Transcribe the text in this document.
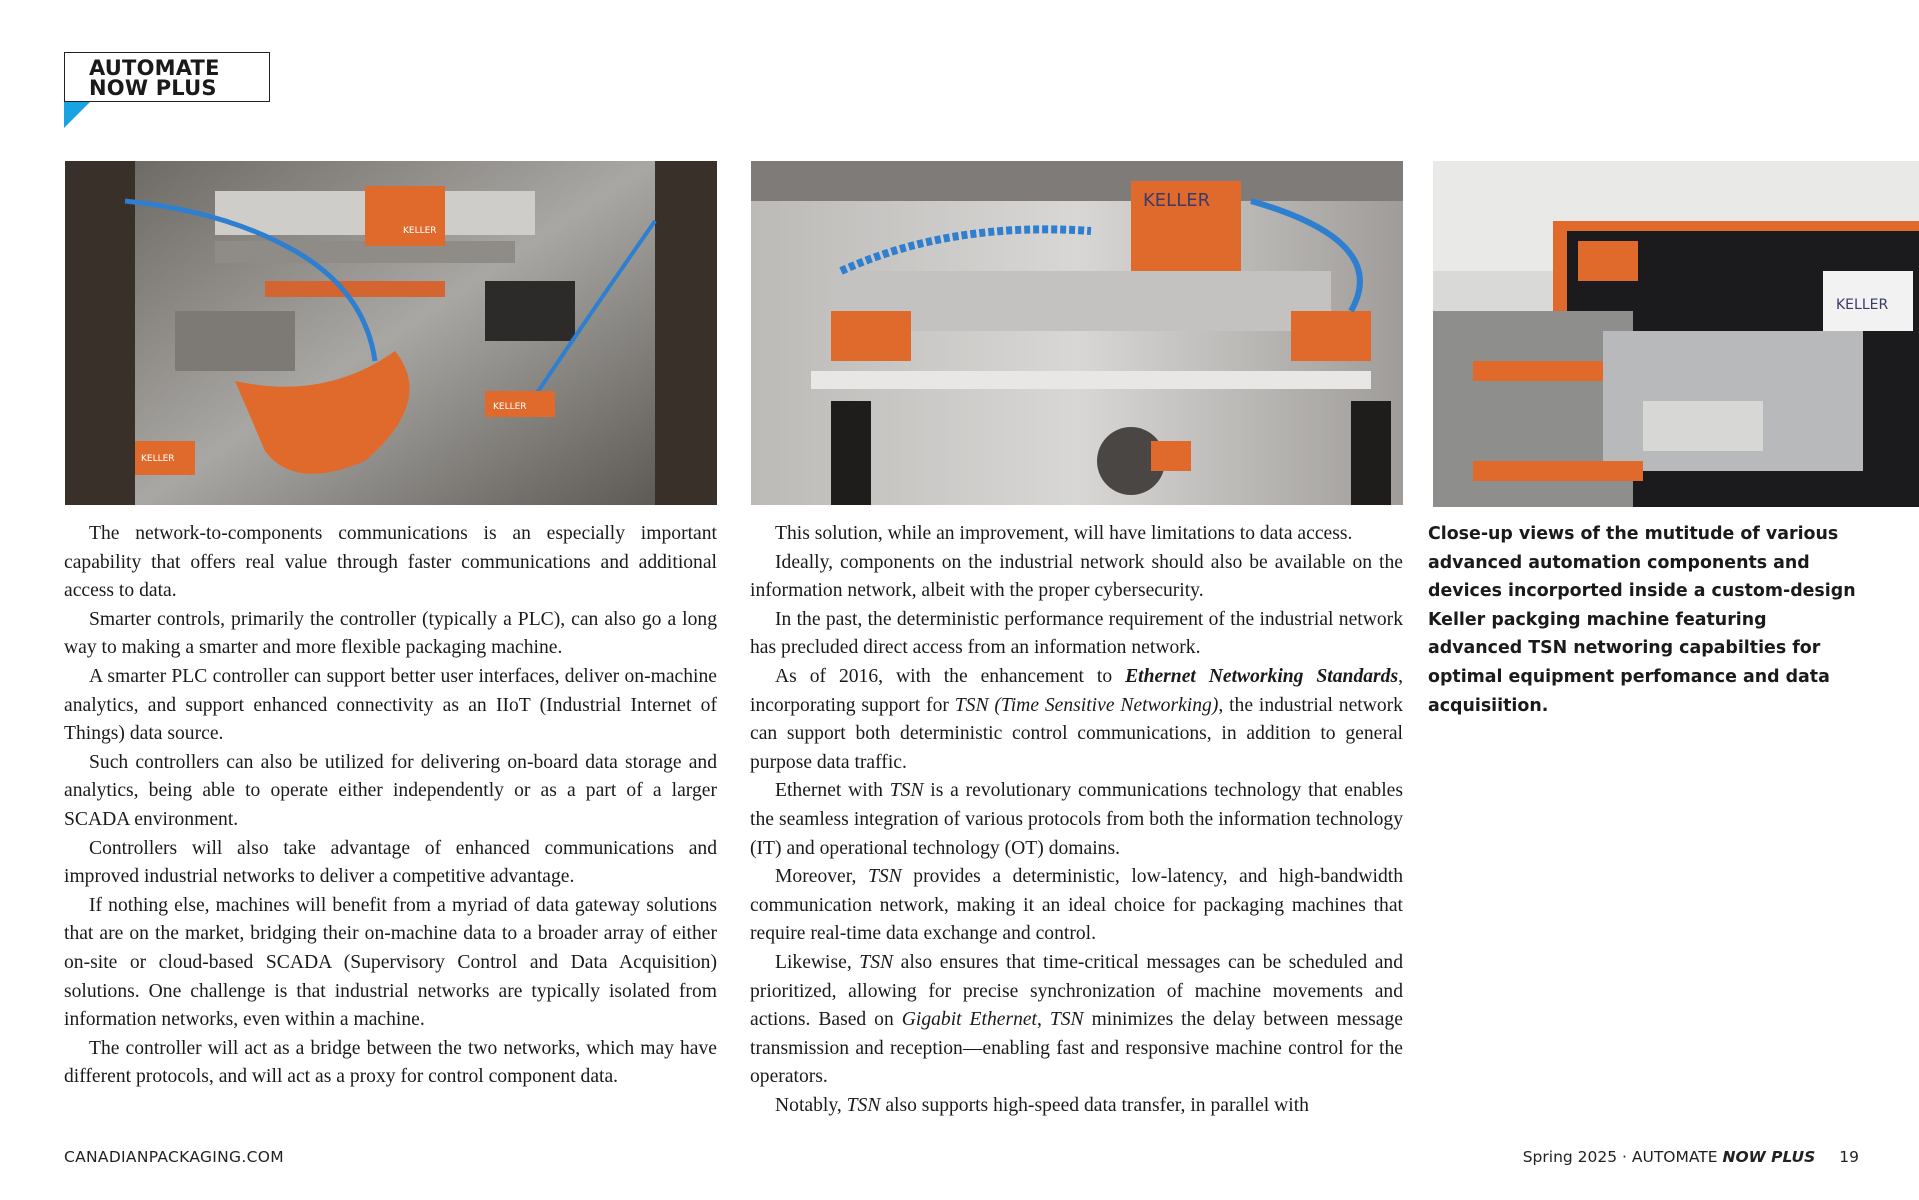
AUTOMATE
NOW PLUS
KELLER
KELLER
KELLER
KELLER
KELLER

The network-to-components communications is an especially important capability that offers real value through faster communications and additional access to data.

Smarter controls, primarily the controller (typically a PLC), can also go a long way to making a smarter and more flexible packaging machine.

A smarter PLC controller can support better user interfaces, deliver on-machine analytics, and support enhanced connectivity as an IIoT (Industrial Internet of Things) data source.

Such controllers can also be utilized for delivering on-board data storage and analytics, being able to operate either independently or as a part of a larger SCADA environment.

Controllers will also take advantage of enhanced communications and improved industrial networks to deliver a competitive advantage.

If nothing else, machines will benefit from a myriad of data gateway solutions that are on the market, bridging their on-machine data to a broader array of either on-site or cloud-based SCADA (Supervisory Control and Data Acquisition) solutions. One challenge is that industrial networks are typically isolated from information networks, even within a machine.

The controller will act as a bridge between the two networks, which may have different protocols, and will act as a proxy for control component data.

This solution, while an improvement, will have limitations to data access.

Ideally, components on the industrial network should also be available on the information network, albeit with the proper cybersecurity.

In the past, the deterministic performance requirement of the industrial network has precluded direct access from an information network.

As of 2016, with the enhancement to Ethernet Networking Standards, incorporating support for TSN (Time Sensitive Networking), the industrial network can support both deterministic control communications, in addition to general purpose data traffic.

Ethernet with TSN is a revolutionary communications technology that enables the seamless integration of various protocols from both the information technology (IT) and operational technology (OT) domains.

Moreover, TSN provides a deterministic, low-latency, and high-bandwidth communication network, making it an ideal choice for packaging machines that require real-time data exchange and control.

Likewise, TSN also ensures that time-critical messages can be scheduled and prioritized, allowing for precise synchronization of machine movements and actions. Based on Gigabit Ethernet, TSN minimizes the delay between message transmission and reception—enabling fast and responsive machine control for the operators.

Notably, TSN also supports high-speed data transfer, in parallel with

Close-up views of the mutitude of various advanced automation components and devices incorported inside a custom-design Keller packging machine featuring advanced TSN networing capabilties for optimal equipment perfomance and data acquisiition.
CANADIANPACKAGING.COM	Spring 2025 · AUTOMATE NOW PLUS 19
